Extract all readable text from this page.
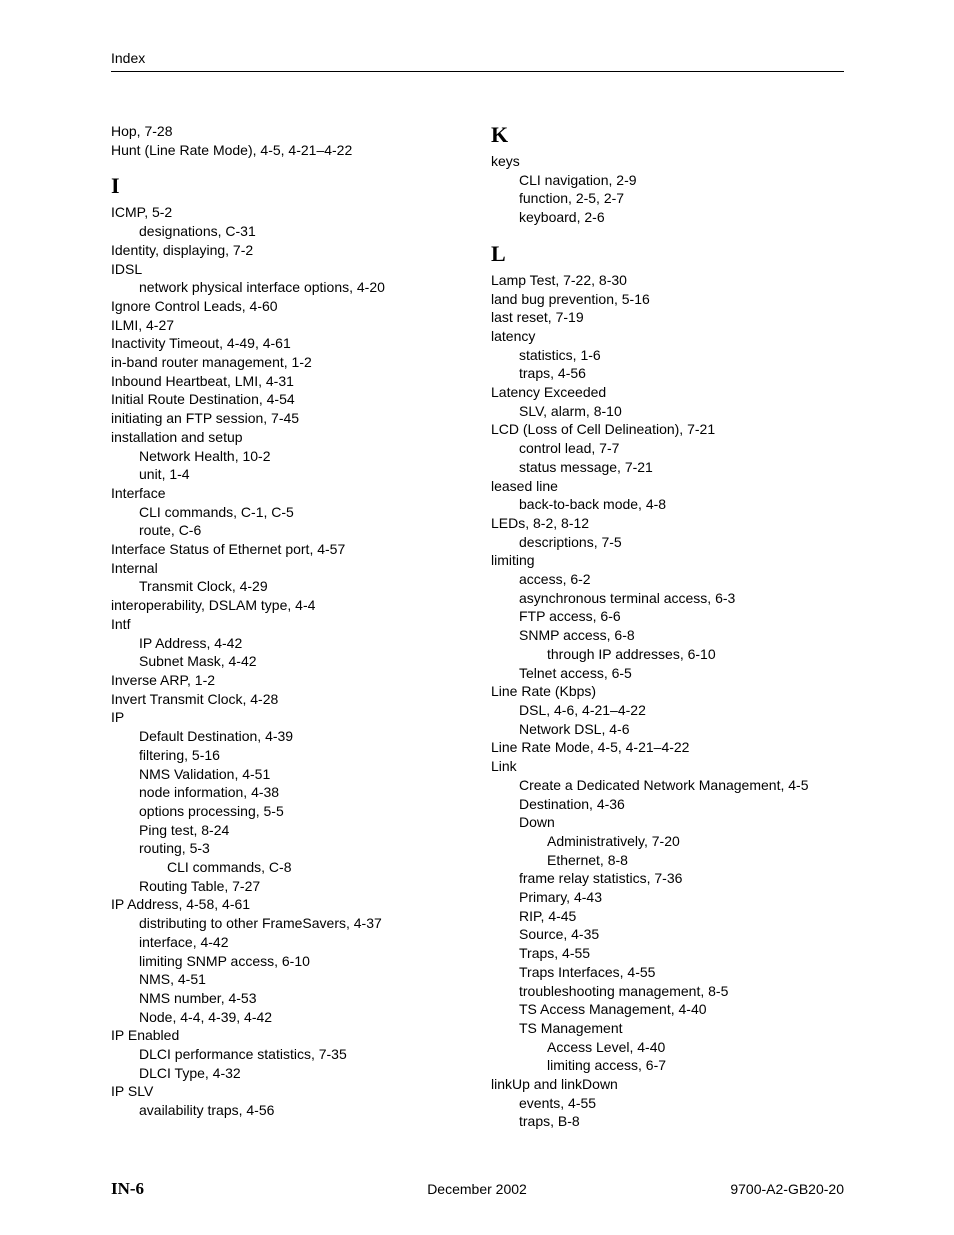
Index
Hop, 7-28
Hunt (Line Rate Mode), 4-5, 4-21–4-22
I
ICMP, 5-2
designations, C-31
Identity, displaying, 7-2
IDSL
network physical interface options, 4-20
Ignore Control Leads, 4-60
ILMI, 4-27
Inactivity Timeout, 4-49, 4-61
in-band router management, 1-2
Inbound Heartbeat, LMI, 4-31
Initial Route Destination, 4-54
initiating an FTP session, 7-45
installation and setup
Network Health, 10-2
unit, 1-4
Interface
CLI commands, C-1, C-5
route, C-6
Interface Status of Ethernet port, 4-57
Internal
Transmit Clock, 4-29
interoperability, DSLAM type, 4-4
Intf
IP Address, 4-42
Subnet Mask, 4-42
Inverse ARP, 1-2
Invert Transmit Clock, 4-28
IP
Default Destination, 4-39
filtering, 5-16
NMS Validation, 4-51
node information, 4-38
options processing, 5-5
Ping test, 8-24
routing, 5-3
CLI commands, C-8
Routing Table, 7-27
IP Address, 4-58, 4-61
distributing to other FrameSavers, 4-37
interface, 4-42
limiting SNMP access, 6-10
NMS, 4-51
NMS number, 4-53
Node, 4-4, 4-39, 4-42
IP Enabled
DLCI performance statistics, 7-35
DLCI Type, 4-32
IP SLV
availability traps, 4-56
K
keys
CLI navigation, 2-9
function, 2-5, 2-7
keyboard, 2-6
L
Lamp Test, 7-22, 8-30
land bug prevention, 5-16
last reset, 7-19
latency
statistics, 1-6
traps, 4-56
Latency Exceeded
SLV, alarm, 8-10
LCD (Loss of Cell Delineation), 7-21
control lead, 7-7
status message, 7-21
leased line
back-to-back mode, 4-8
LEDs, 8-2, 8-12
descriptions, 7-5
limiting
access, 6-2
asynchronous terminal access, 6-3
FTP access, 6-6
SNMP access, 6-8
through IP addresses, 6-10
Telnet access, 6-5
Line Rate (Kbps)
DSL, 4-6, 4-21–4-22
Network DSL, 4-6
Line Rate Mode, 4-5, 4-21–4-22
Link
Create a Dedicated Network Management, 4-5
Destination, 4-36
Down
Administratively, 7-20
Ethernet, 8-8
frame relay statistics, 7-36
Primary, 4-43
RIP, 4-45
Source, 4-35
Traps, 4-55
Traps Interfaces, 4-55
troubleshooting management, 8-5
TS Access Management, 4-40
TS Management
Access Level, 4-40
limiting access, 6-7
linkUp and linkDown
events, 4-55
traps, B-8
IN-6	December 2002	9700-A2-GB20-20
